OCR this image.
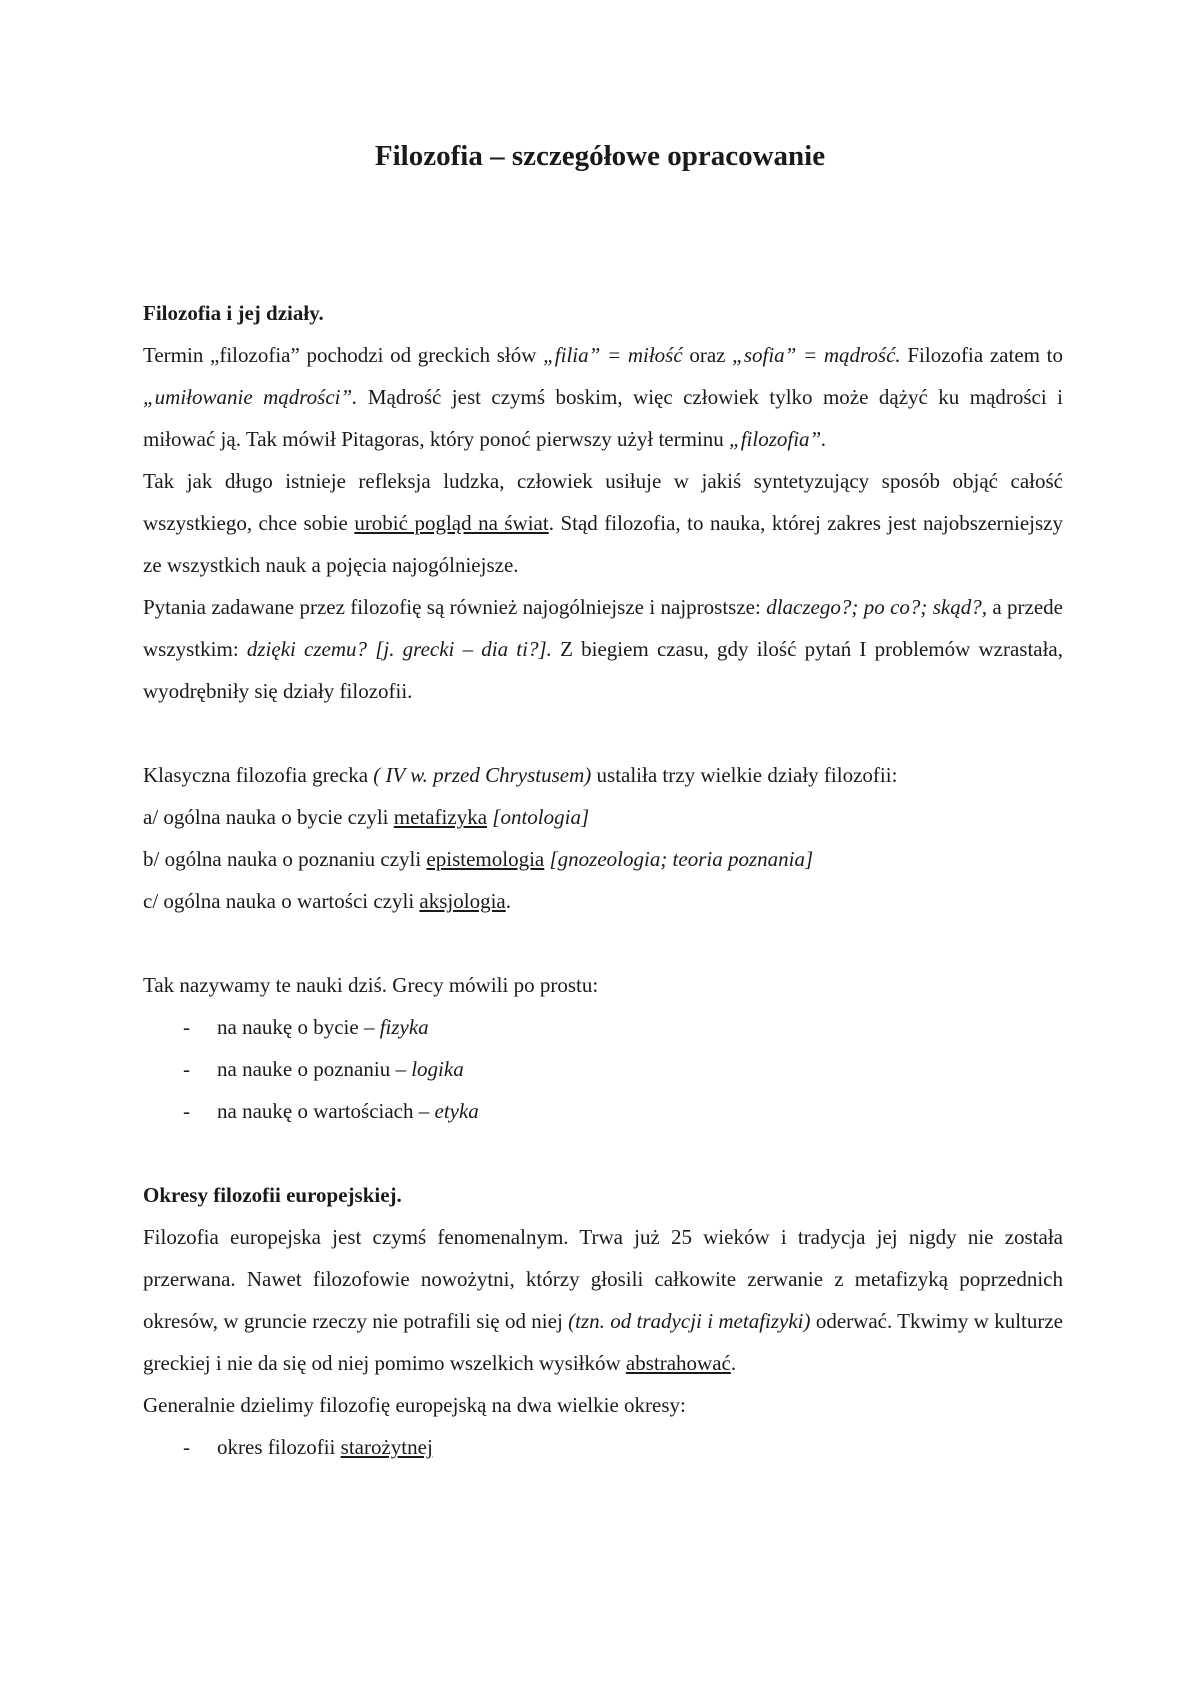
Filozofia – szczegółowe opracowanie

Filozofia i jej działy.

Termin „filozofia” pochodzi od greckich słów „filia” = miłość oraz „sofia” = mądrość. Filozofia zatem to „umiłowanie mądrości”. Mądrość jest czymś boskim, więc człowiek tylko może dążyć ku mądrości i miłować ją. Tak mówił Pitagoras, który ponoć pierwszy użył terminu „filozofia”.

Tak jak długo istnieje refleksja ludzka, człowiek usiłuje w jakiś syntetyzujący sposób objąć całość wszystkiego, chce sobie urobić pogląd na świat. Stąd filozofia, to nauka, której zakres jest najobszerniejszy ze wszystkich nauk a pojęcia najogólniejsze.

Pytania zadawane przez filozofię są również najogólniejsze i najprostsze: dlaczego?; po co?; skąd?, a przede wszystkim: dzięki czemu? [j. grecki – dia ti?]. Z biegiem czasu, gdy ilość pytań I problemów wzrastała, wyodrębniły się działy filozofii.

Klasyczna filozofia grecka ( IV w. przed Chrystusem) ustaliła trzy wielkie działy filozofii:

a/ ogólna nauka o bycie czyli metafizyka [ontologia]

b/ ogólna nauka o poznaniu czyli epistemologia [gnozeologia; teoria poznania]

c/ ogólna nauka o wartości czyli aksjologia.

Tak nazywamy te nauki dziś. Grecy mówili po prostu:

- na naukę o bycie – fizyka

- na nauke o poznaniu – logika

- na naukę o wartościach – etyka

Okresy filozofii europejskiej.

Filozofia europejska jest czymś fenomenalnym. Trwa już 25 wieków i tradycja jej nigdy nie została przerwana. Nawet filozofowie nowożytni, którzy głosili całkowite zerwanie z metafizyką poprzednich okresów, w gruncie rzeczy nie potrafili się od niej (tzn. od tradycji i metafizyki) oderwać. Tkwimy w kulturze greckiej i nie da się od niej pomimo wszelkich wysiłków abstrahować.

Generalnie dzielimy filozofię europejską na dwa wielkie okresy:

- okres filozofii starożytnej
